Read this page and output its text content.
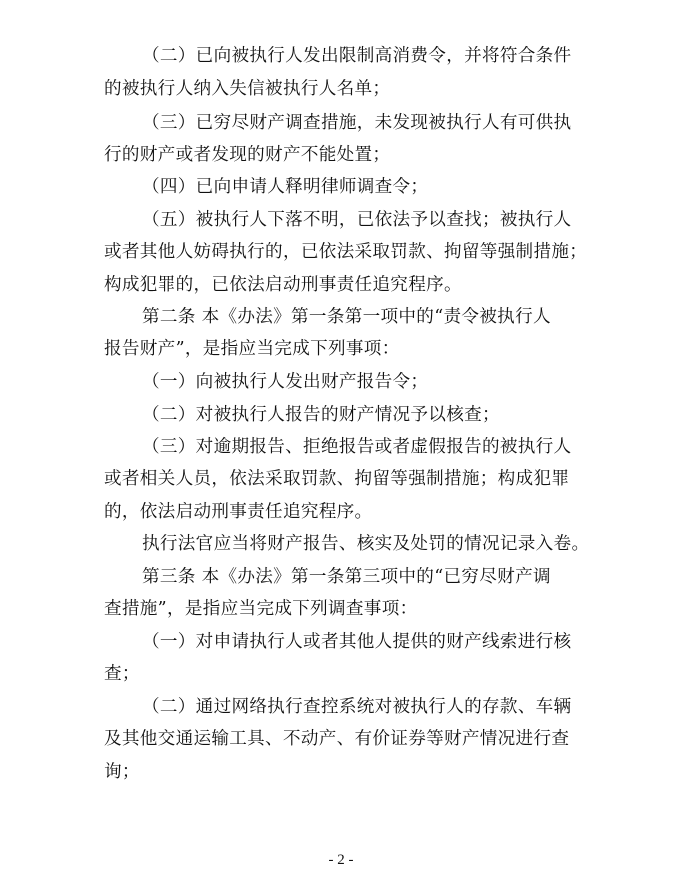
（二）已向被执行人发出限制高消费令，并将符合条件
的被执行人纳入失信被执行人名单；
（三）已穷尽财产调查措施，未发现被执行人有可供执
行的财产或者发现的财产不能处置；
（四）已向申请人释明律师调查令；
（五）被执行人下落不明，已依法予以查找；被执行人
或者其他人妨碍执行的，已依法采取罚款、拘留等强制措施；
构成犯罪的，已依法启动刑事责任追究程序。
第二条 本《办法》第一条第一项中的“责令被执行人
报告财产”，是指应当完成下列事项：
（一）向被执行人发出财产报告令；
（二）对被执行人报告的财产情况予以核查；
（三）对逾期报告、拒绝报告或者虚假报告的被执行人
或者相关人员，依法采取罚款、拘留等强制措施；构成犯罪
的，依法启动刑事责任追究程序。
执行法官应当将财产报告、核实及处罚的情况记录入卷。
第三条 本《办法》第一条第三项中的“已穷尽财产调
查措施”，是指应当完成下列调查事项：
（一）对申请执行人或者其他人提供的财产线索进行核
查；
（二）通过网络执行查控系统对被执行人的存款、车辆
及其他交通运输工具、不动产、有价证券等财产情况进行查
询；
- 2 -
